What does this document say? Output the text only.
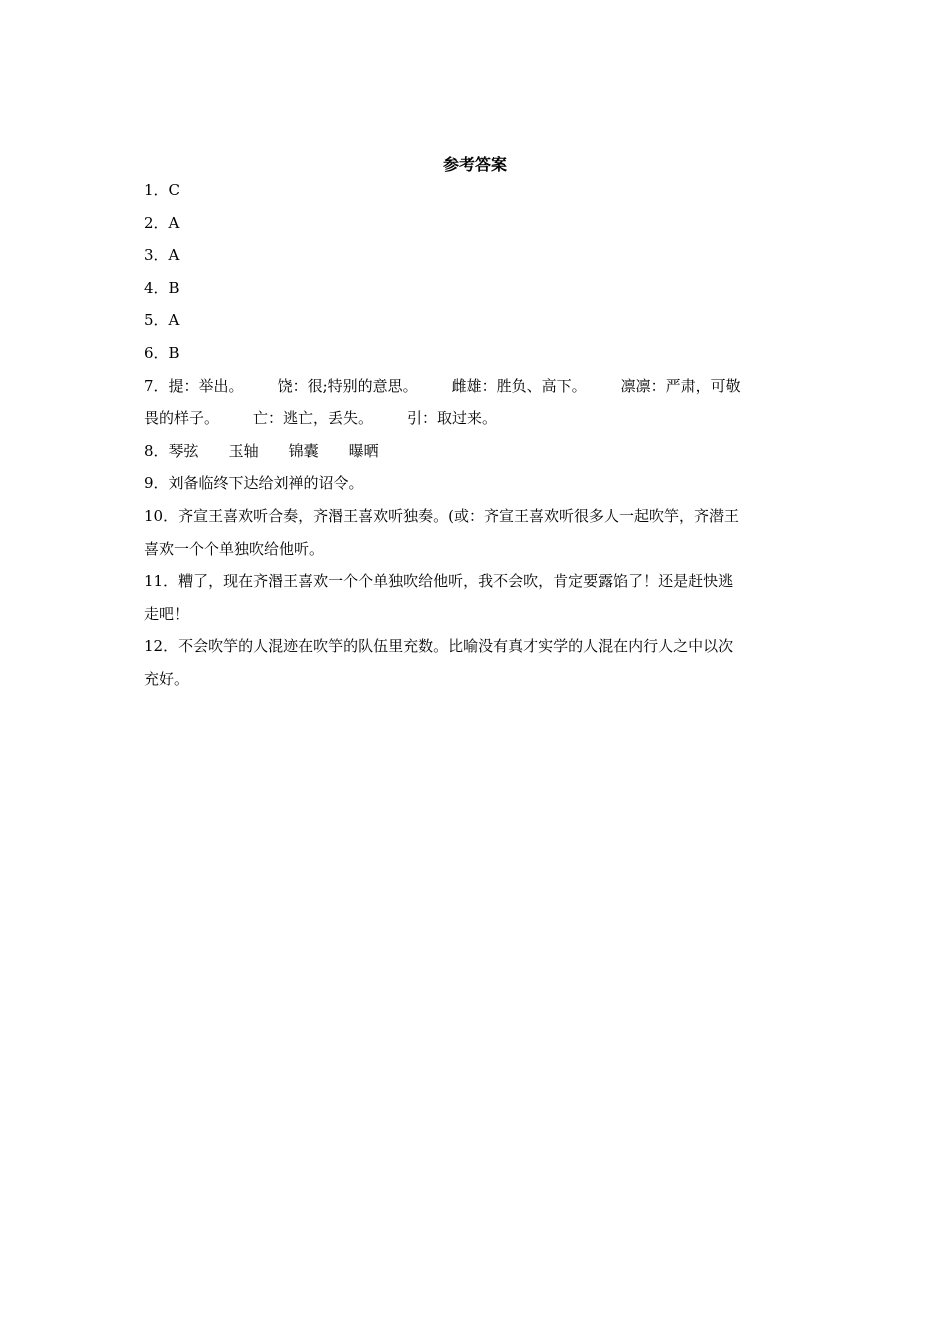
参考答案
1．C
2．A
3．A
4．B
5．A
6．B
7．提：举出。 饶：很;特别的意思。 雌雄：胜负、高下。 凛凛：严肃，可敬
畏的样子。 亡：逃亡，丢失。 引：取过来。
8．琴弦 玉轴 锦囊 曝晒
9．刘备临终下达给刘禅的诏令。
10．齐宣王喜欢听合奏，齐湣王喜欢听独奏。(或：齐宣王喜欢听很多人一起吹竽，齐潜王
喜欢一个个单独吹给他听。
11．糟了，现在齐湣王喜欢一个个单独吹给他听，我不会吹，肯定要露馅了！还是赶快逃
走吧！
12．不会吹竽的人混迹在吹竽的队伍里充数。比喻没有真才实学的人混在内行人之中以次
充好。
